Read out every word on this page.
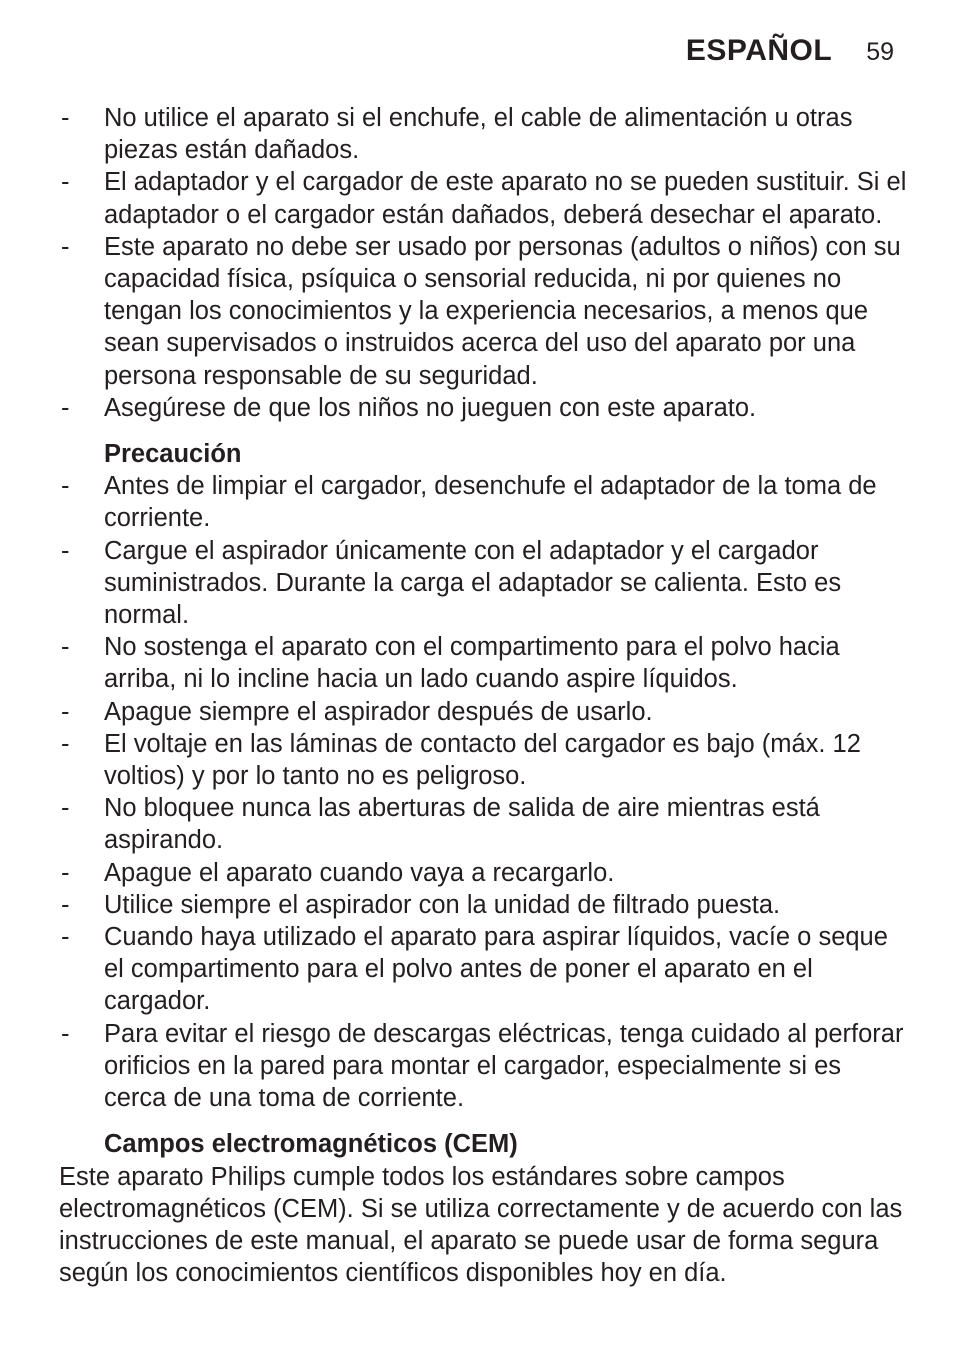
ESPAÑOL 59
-	No utilice el aparato si el enchufe, el cable de alimentación u otras piezas están dañados.
-	El adaptador y el cargador de este aparato no se pueden sustituir. Si el adaptador o el cargador están dañados, deberá desechar el aparato.
-	Este aparato no debe ser usado por personas (adultos o niños) con su capacidad física, psíquica o sensorial reducida, ni por quienes no tengan los conocimientos y la experiencia necesarios, a menos que sean supervisados o instruidos acerca del uso del aparato por una persona responsable de su seguridad.
-	Asegúrese de que los niños no jueguen con este aparato.
Precaución
-	Antes de limpiar el cargador, desenchufe el adaptador de la toma de corriente.
-	Cargue el aspirador únicamente con el adaptador y el cargador suministrados. Durante la carga el adaptador se calienta. Esto es normal.
-	No sostenga el aparato con el compartimento para el polvo hacia arriba, ni lo incline hacia un lado cuando aspire líquidos.
-	Apague siempre el aspirador después de usarlo.
-	El voltaje en las láminas de contacto del cargador es bajo (máx. 12 voltios) y por lo tanto no es peligroso.
-	No bloquee nunca las aberturas de salida de aire mientras está aspirando.
-	Apague el aparato cuando vaya a recargarlo.
-	Utilice siempre el aspirador con la unidad de filtrado puesta.
-	Cuando haya utilizado el aparato para aspirar líquidos, vacíe o seque el compartimento para el polvo antes de poner el aparato en el cargador.
-	Para evitar el riesgo de descargas eléctricas, tenga cuidado al perforar orificios en la pared para montar el cargador, especialmente si es cerca de una toma de corriente.
Campos electromagnéticos (CEM)

Este aparato Philips cumple todos los estándares sobre campos electromagnéticos (CEM). Si se utiliza correctamente y de acuerdo con las instrucciones de este manual, el aparato se puede usar de forma segura según los conocimientos científicos disponibles hoy en día.
